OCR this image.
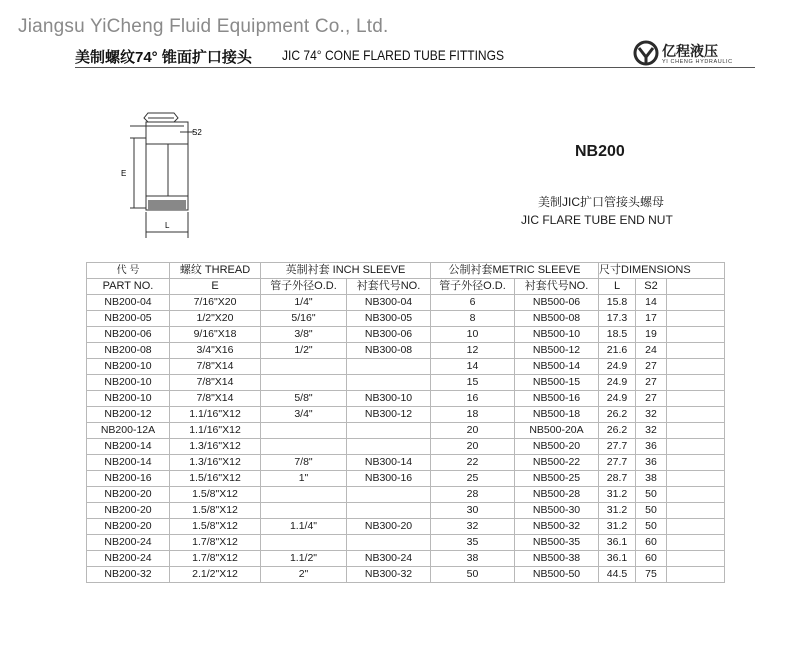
Jiangsu YiCheng Fluid Equipment Co., Ltd.
美制螺纹74° 锥面扩口接头 JIC 74° CONE FLARED TUBE FITTINGS	亿程液压
YI CHENG HYDRAULIC
E
L
S2
NB200
美制JIC扩口管接头螺母
JIC FLARE TUBE END NUT
代 号	螺纹 THREAD	英制衬套 INCH SLEEVE		公制衬套METRIC SLEEVE		尺寸DIMENSIONS		
PART NO.	E	管子外径O.D.	衬套代号NO.	管子外径O.D.	衬套代号NO.	L	S2	
NB200-04	7/16"X20	1/4"	NB300-04	6	NB500-06	15.8	14	
NB200-05	1/2"X20	5/16"	NB300-05	8	NB500-08	17.3	17	
NB200-06	9/16"X18	3/8"	NB300-06	10	NB500-10	18.5	19	
NB200-08	3/4"X16	1/2"	NB300-08	12	NB500-12	21.6	24	
NB200-10	7/8"X14			14	NB500-14	24.9	27	
NB200-10	7/8"X14			15	NB500-15	24.9	27	
NB200-10	7/8"X14	5/8"	NB300-10	16	NB500-16	24.9	27	
NB200-12	1.1/16"X12	3/4"	NB300-12	18	NB500-18	26.2	32	
NB200-12A	1.1/16"X12			20	NB500-20A	26.2	32	
NB200-14	1.3/16"X12			20	NB500-20	27.7	36	
NB200-14	1.3/16"X12	7/8"	NB300-14	22	NB500-22	27.7	36	
NB200-16	1.5/16"X12	1"	NB300-16	25	NB500-25	28.7	38	
NB200-20	1.5/8"X12			28	NB500-28	31.2	50	
NB200-20	1.5/8"X12			30	NB500-30	31.2	50	
NB200-20	1.5/8"X12	1.1/4"	NB300-20	32	NB500-32	31.2	50	
NB200-24	1.7/8"X12			35	NB500-35	36.1	60	
NB200-24	1.7/8"X12	1.1/2"	NB300-24	38	NB500-38	36.1	60	
NB200-32	2.1/2"X12	2"	NB300-32	50	NB500-50	44.5	75	
